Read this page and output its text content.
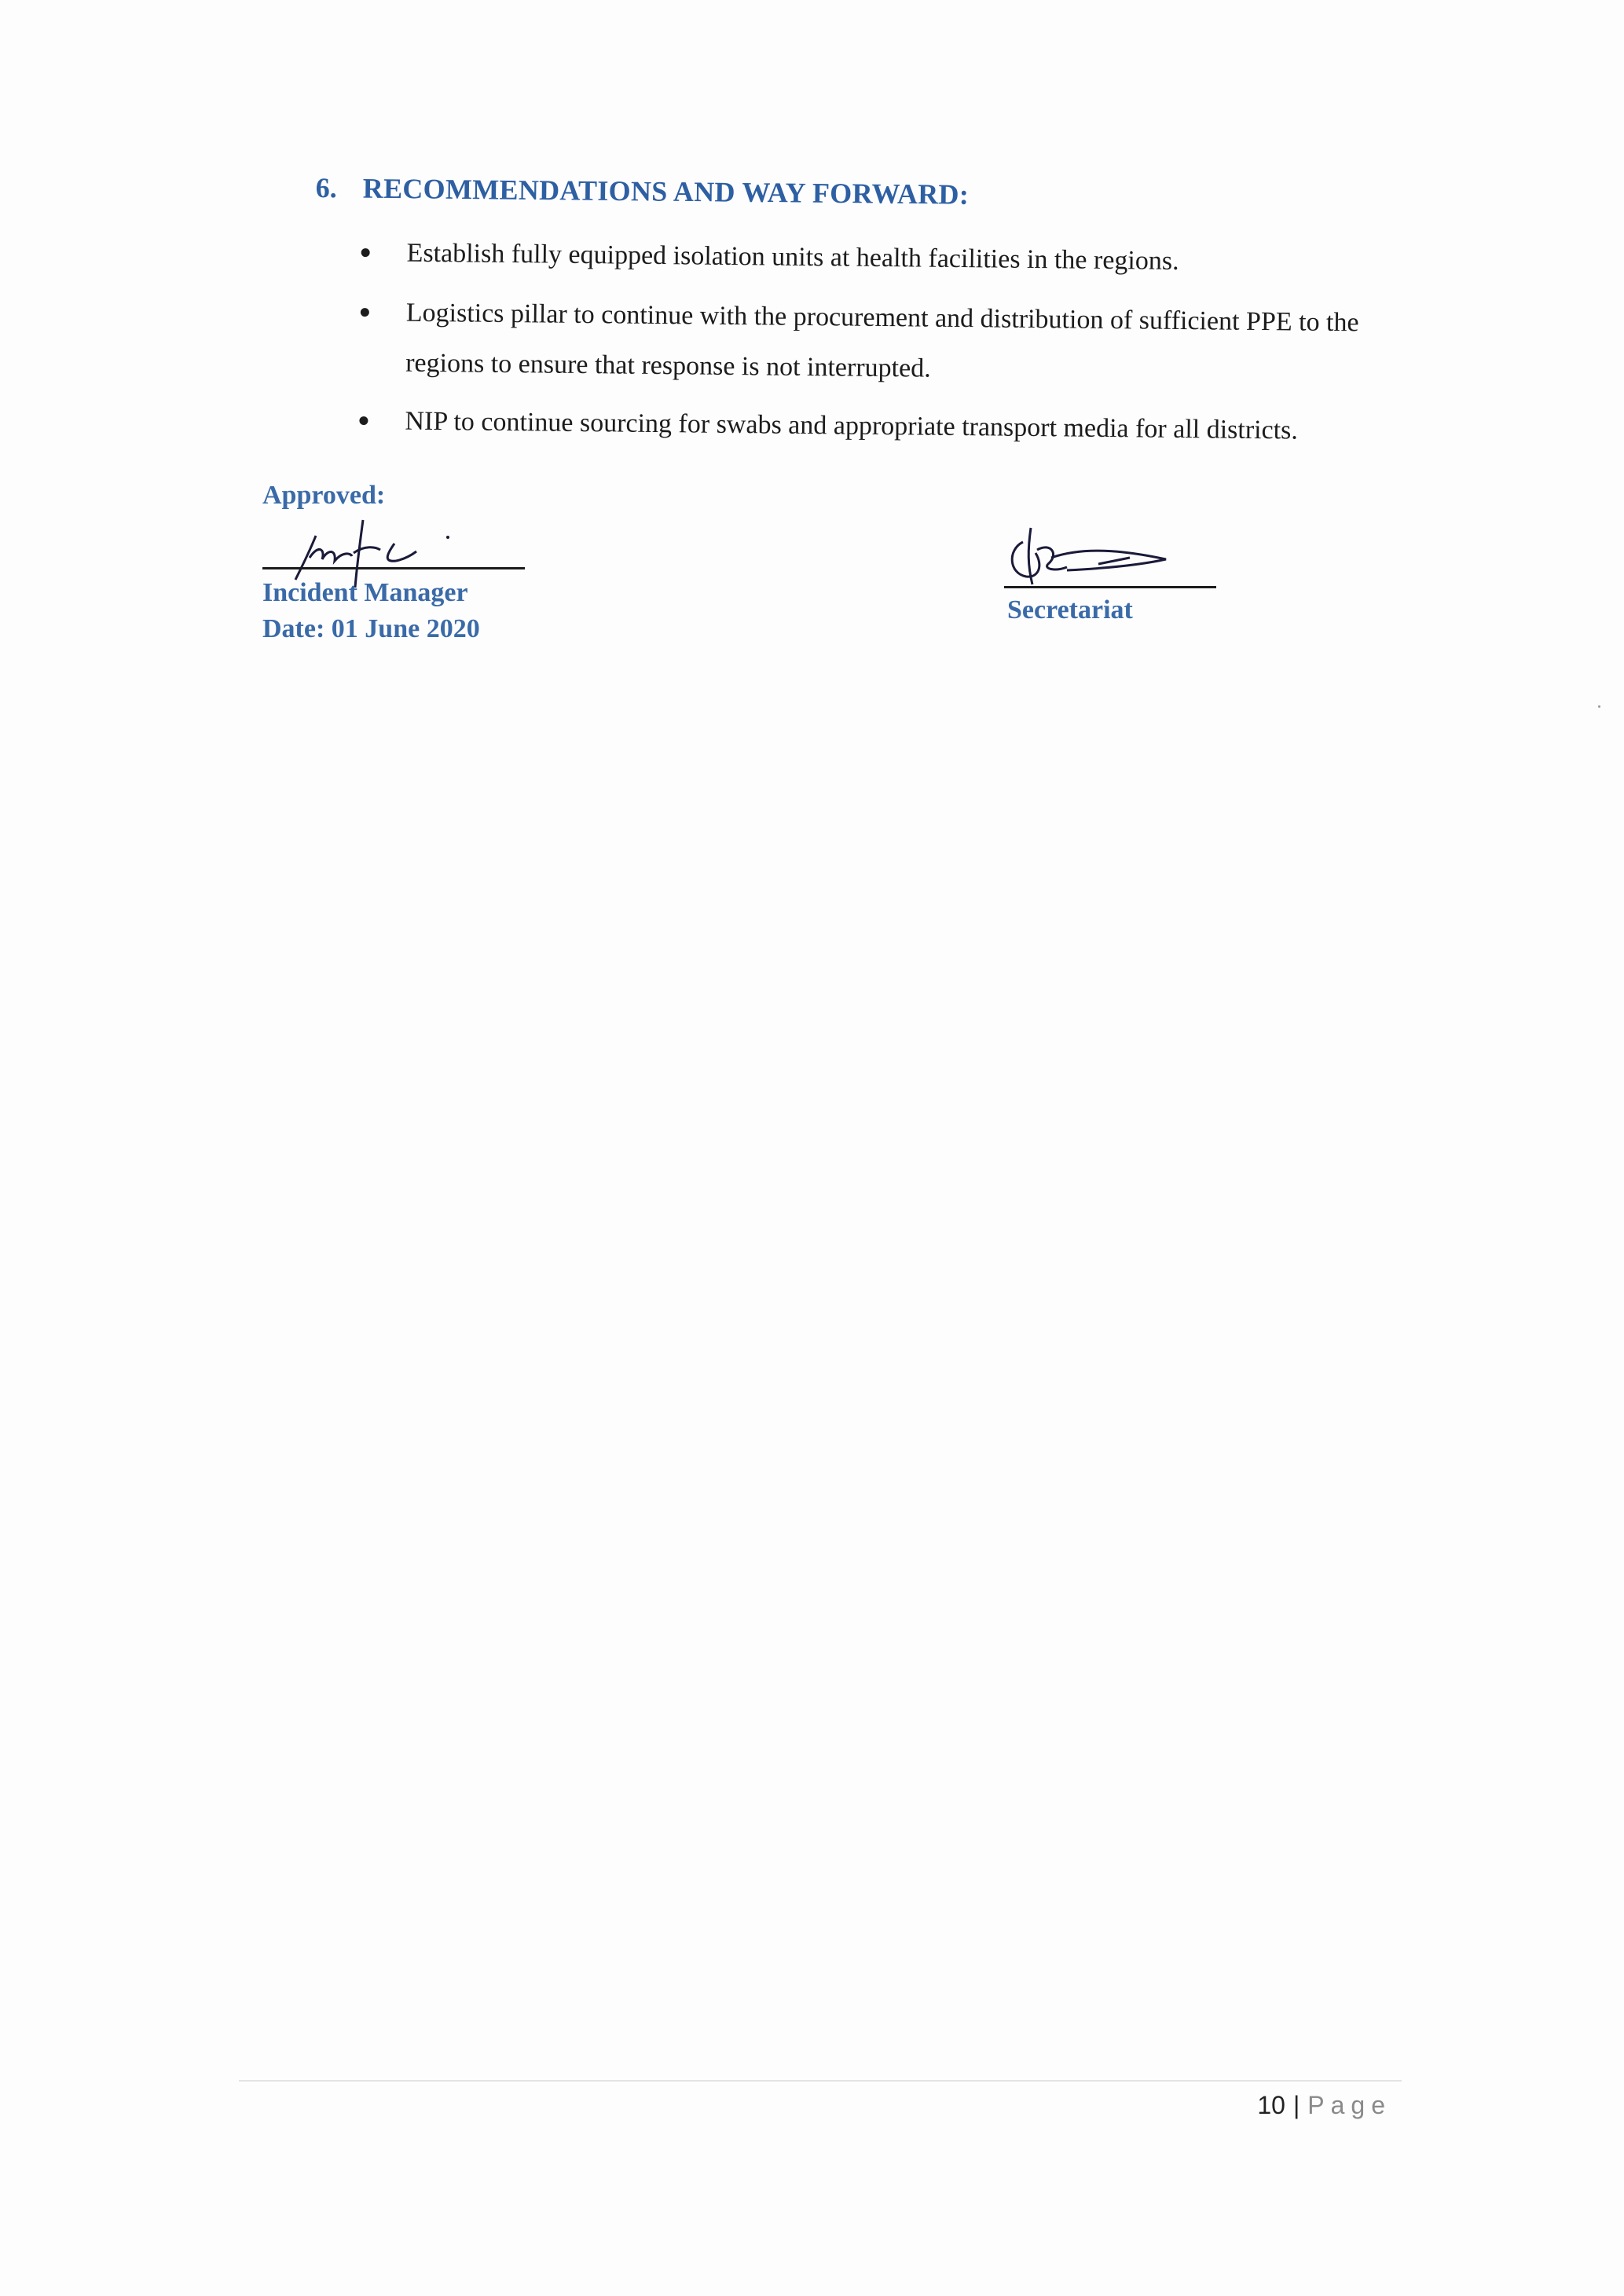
6. RECOMMENDATIONS AND WAY FORWARD:
Establish fully equipped isolation units at health facilities in the regions.
Logistics pillar to continue with the procurement and distribution of sufficient PPE to the regions to ensure that response is not interrupted.
NIP to continue sourcing for swabs and appropriate transport media for all districts.
Approved:
Incident Manager
Date: 01 June 2020
Secretariat
10 | Page
